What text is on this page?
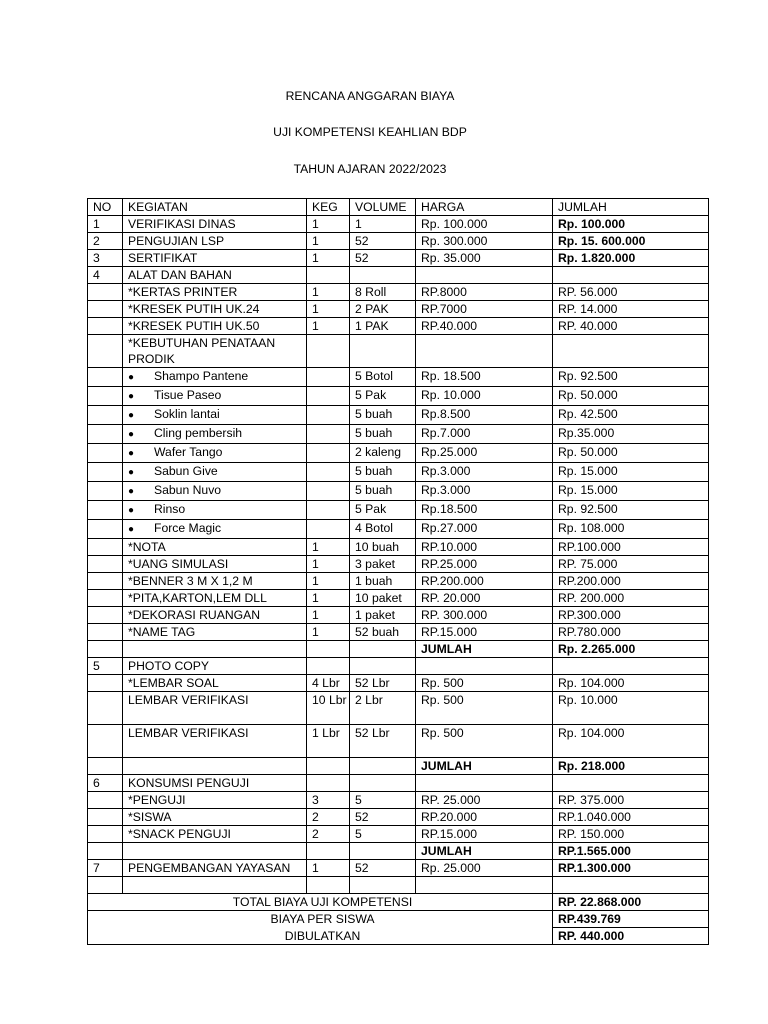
RENCANA ANGGARAN BIAYA
UJI KOMPETENSI KEAHLIAN BDP
TAHUN AJARAN 2022/2023
NO	KEGIATAN	KEG	VOLUME	HARGA	JUMLAH
1	VERIFIKASI DINAS	1	1	Rp. 100.000	Rp. 100.000
2	PENGUJIAN LSP	1	52	Rp. 300.000	Rp. 15. 600.000
3	SERTIFIKAT	1	52	Rp. 35.000	Rp. 1.820.000
4	ALAT DAN BAHAN				
	*KERTAS PRINTER	1	8 Roll	RP.8000	RP. 56.000
	*KRESEK PUTIH UK.24	1	2 PAK	RP.7000	RP. 14.000
	*KRESEK PUTIH UK.50	1	1 PAK	RP.40.000	RP. 40.000
	*KEBUTUHAN PENATAAN PRODIK				
	● Shampo Pantene		5 Botol	Rp. 18.500	Rp. 92.500
	● Tisue Paseo		5 Pak	Rp. 10.000	Rp. 50.000
	● Soklin lantai		5 buah	Rp.8.500	Rp. 42.500
	● Cling pembersih		5 buah	Rp.7.000	Rp.35.000
	● Wafer Tango		2 kaleng	Rp.25.000	Rp. 50.000
	● Sabun Give		5 buah	Rp.3.000	Rp. 15.000
	● Sabun Nuvo		5 buah	Rp.3.000	Rp. 15.000
	● Rinso		5 Pak	Rp.18.500	Rp. 92.500
	● Force Magic		4 Botol	Rp.27.000	Rp. 108.000
	*NOTA	1	10 buah	RP.10.000	RP.100.000
	*UANG SIMULASI	1	3 paket	RP.25.000	RP. 75.000
	*BENNER 3 M X 1,2 M	1	1 buah	RP.200.000	RP.200.000
	*PITA,KARTON,LEM DLL	1	10 paket	RP. 20.000	RP. 200.000
	*DEKORASI RUANGAN	1	1 paket	RP. 300.000	RP.300.000
	*NAME TAG	1	52 buah	RP.15.000	RP.780.000
				JUMLAH	Rp. 2.265.000
5	PHOTO COPY				
	*LEMBAR SOAL	4 Lbr	52 Lbr	Rp. 500	Rp. 104.000
	LEMBAR VERIFIKASI	10 Lbr	2 Lbr	Rp. 500	Rp. 10.000
	LEMBAR VERIFIKASI	1 Lbr	52 Lbr	Rp. 500	Rp. 104.000
				JUMLAH	Rp. 218.000
6	KONSUMSI PENGUJI				
	*PENGUJI	3	5	RP. 25.000	RP. 375.000
	*SISWA	2	52	RP.20.000	RP.1.040.000
	*SNACK PENGUJI	2	5	RP.15.000	RP. 150.000
				JUMLAH	RP.1.565.000
7	PENGEMBANGAN YAYASAN	1	52	Rp. 25.000	RP.1.300.000

TOTAL BIAYA UJI KOMPETENSI					RP. 22.868.000
BIAYA PER SISWA					RP.439.769
DIBULATKAN					RP. 440.000
